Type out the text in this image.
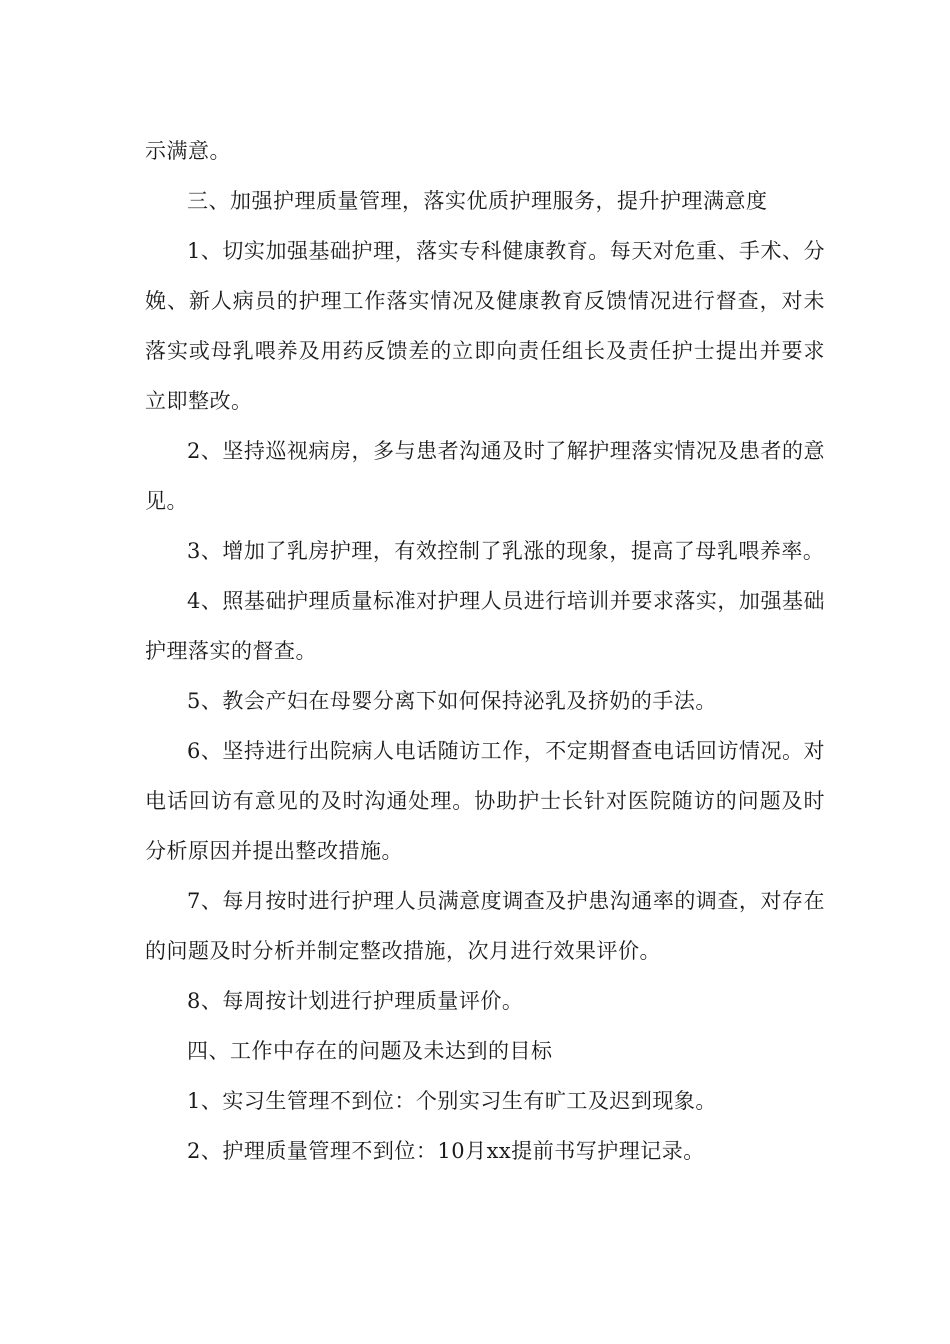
示满意。

三、加强护理质量管理，落实优质护理服务，提升护理满意度

1、切实加强基础护理，落实专科健康教育。每天对危重、手术、分娩、新人病员的护理工作落实情况及健康教育反馈情况进行督查，对未落实或母乳喂养及用药反馈差的立即向责任组长及责任护士提出并要求立即整改。

2、坚持巡视病房，多与患者沟通及时了解护理落实情况及患者的意见。

3、增加了乳房护理，有效控制了乳涨的现象，提高了母乳喂养率。

4、照基础护理质量标准对护理人员进行培训并要求落实，加强基础护理落实的督查。

5、教会产妇在母婴分离下如何保持泌乳及挤奶的手法。

6、坚持进行出院病人电话随访工作，不定期督查电话回访情况。对电话回访有意见的及时沟通处理。协助护士长针对医院随访的问题及时分析原因并提出整改措施。

7、每月按时进行护理人员满意度调查及护患沟通率的调查，对存在的问题及时分析并制定整改措施，次月进行效果评价。

8、每周按计划进行护理质量评价。

四、工作中存在的问题及未达到的目标

1、实习生管理不到位：个别实习生有旷工及迟到现象。

2、护理质量管理不到位：10月xx提前书写护理记录。
